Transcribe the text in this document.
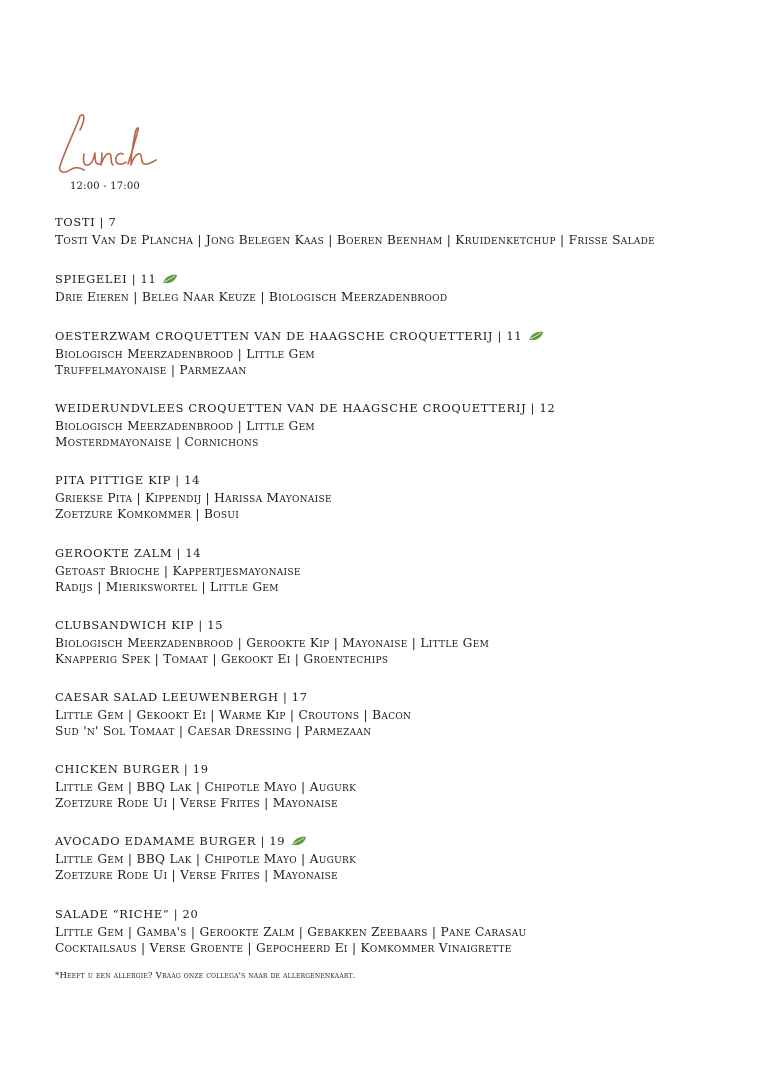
12:00 - 17:00
TOSTI | 7
Tosti Van De Plancha | Jong Belegen Kaas | Boeren Beenham | Kruidenketchup | Frisse Salade
SPIEGELEI | 11
Drie Eieren | Beleg Naar Keuze | Biologisch Meerzadenbrood
OESTERZWAM CROQUETTEN VAN DE HAAGSCHE CROQUETTERIJ | 11
Biologisch Meerzadenbrood | Little Gem
Truffelmayonaise | Parmezaan
WEIDERUNDVLEES CROQUETTEN VAN DE HAAGSCHE CROQUETTERIJ | 12
Biologisch Meerzadenbrood | Little Gem
Mosterdmayonaise | Cornichons
PITA PITTIGE KIP | 14
Griekse Pita | Kippendij | Harissa Mayonaise
Zoetzure Komkommer | Bosui
GEROOKTE ZALM | 14
Getoast Brioche | Kappertjesmayonaise
Radijs | Mierikswortel | Little Gem
CLUBSANDWICH KIP | 15
Biologisch Meerzadenbrood | Gerookte Kip | Mayonaise | Little Gem
Knapperig Spek | Tomaat | Gekookt Ei | Groentechips
CAESAR SALAD LEEUWENBERGH | 17
Little Gem | Gekookt Ei | Warme Kip | Croutons | Bacon
Sud 'n' Sol Tomaat | Caesar Dressing | Parmezaan
CHICKEN BURGER | 19
Little Gem | BBQ Lak | Chipotle Mayo | Augurk
Zoetzure Rode Ui | Verse Frites | Mayonaise
AVOCADO EDAMAME BURGER | 19
Little Gem | BBQ Lak | Chipotle Mayo | Augurk
Zoetzure Rode Ui | Verse Frites | Mayonaise
SALADE “RICHE” | 20
Little Gem | Gamba's | Gerookte Zalm | Gebakken Zeebaars | Pane Carasau
Cocktailsaus | Verse Groente | Gepocheerd Ei | Komkommer Vinaigrette
*Heeft u een allergie? Vraag onze collega's naar de allergenenkaart.
